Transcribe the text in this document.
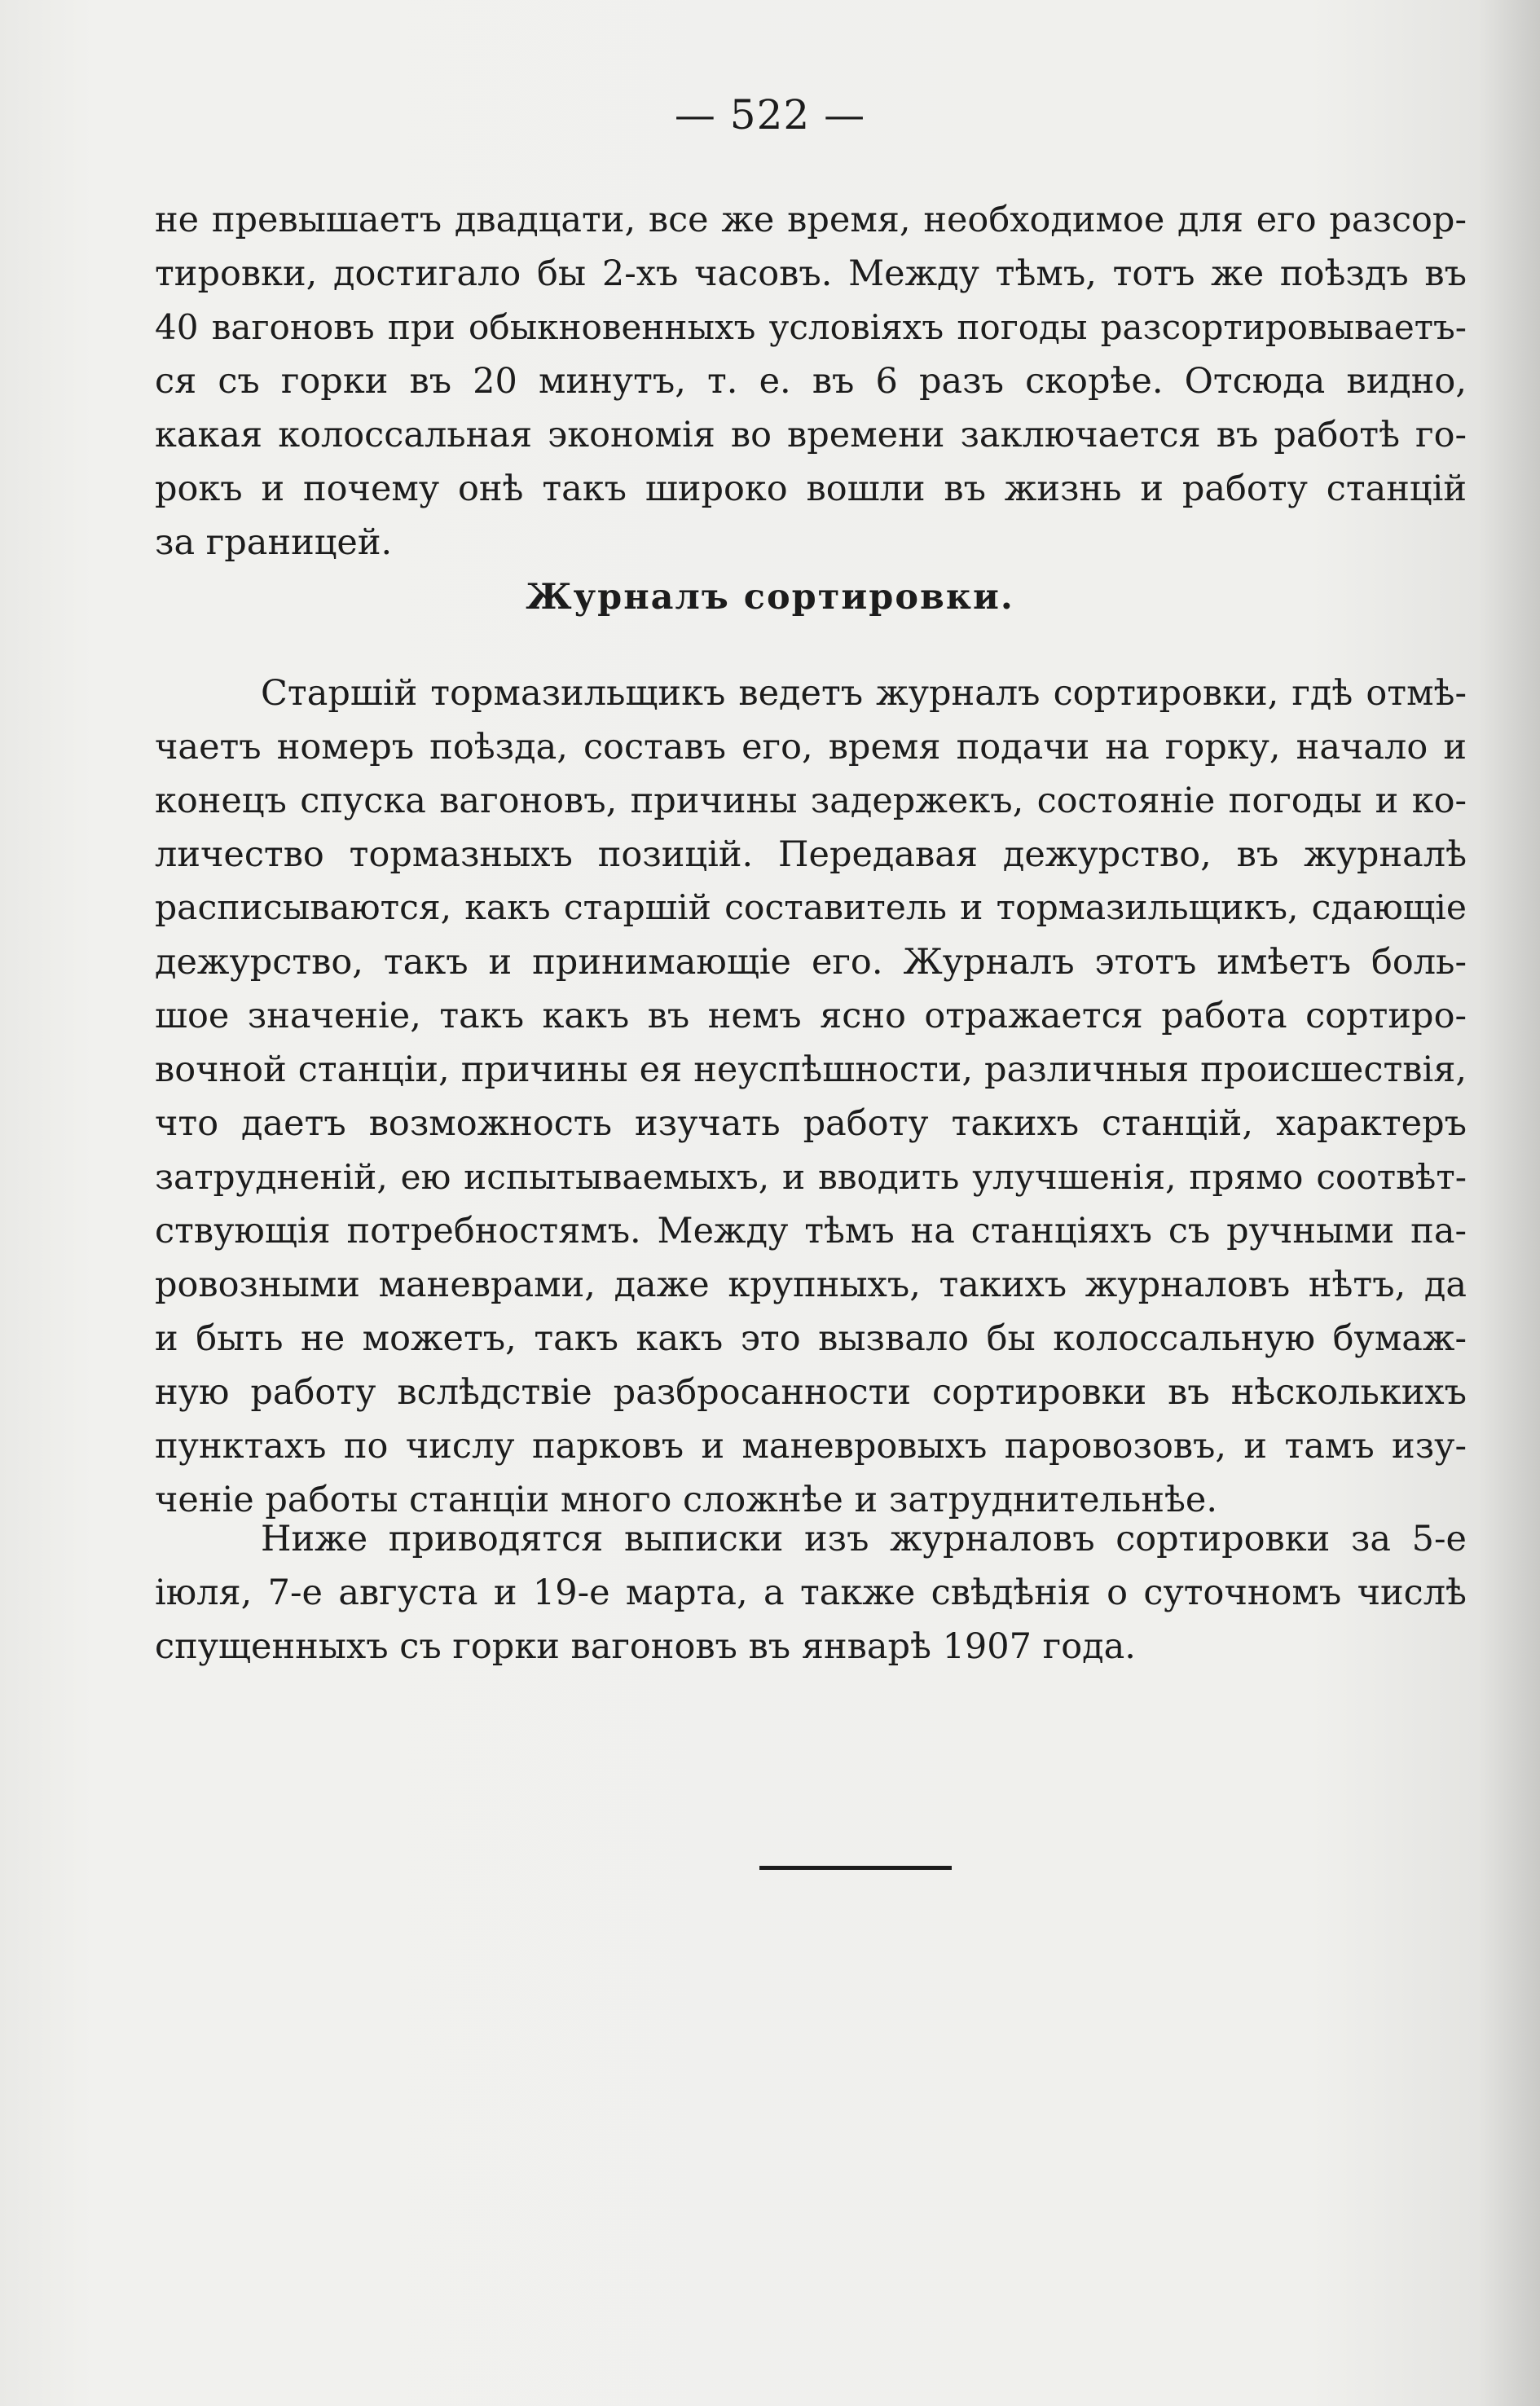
— 522 —
не превышаетъ двадцати, все же время, необходимое для его разсор-
тировки, достигало бы 2-хъ часовъ. Между тѣмъ, тотъ же поѣздъ въ
40 вагоновъ при обыкновенныхъ условіяхъ погоды разсортировываетъ-
ся съ горки въ 20 минутъ, т. е. въ 6 разъ скорѣе. Отсюда видно,
какая колоссальная экономія во времени заключается въ работѣ го-
рокъ и почему онѣ такъ широко вошли въ жизнь и работу станцій
за границей.
Журналъ сортировки.
Старшій тормазильщикъ ведетъ журналъ сортировки, гдѣ отмѣ-
чаетъ номеръ поѣзда, составъ его, время подачи на горку, начало и
конецъ спуска вагоновъ, причины задержекъ, состояніе погоды и ко-
личество тормазныхъ позицій. Передавая дежурство, въ журналѣ
расписываются, какъ старшій составитель и тормазильщикъ, сдающіе
дежурство, такъ и принимающіе его. Журналъ этотъ имѣетъ боль-
шое значеніе, такъ какъ въ немъ ясно отражается работа сортиро-
вочной станціи, причины ея неуспѣшности, различныя происшествія,
что даетъ возможность изучать работу такихъ станцій, характеръ
затрудненій, ею испытываемыхъ, и вводить улучшенія, прямо соотвѣт-
ствующія потребностямъ. Между тѣмъ на станціяхъ съ ручными па-
ровозными маневрами, даже крупныхъ, такихъ журналовъ нѣтъ, да
и быть не можетъ, такъ какъ это вызвало бы колоссальную бумаж-
ную работу вслѣдствіе разбросанности сортировки въ нѣсколькихъ
пунктахъ по числу парковъ и маневровыхъ паровозовъ, и тамъ изу-
ченіе работы станціи много сложнѣе и затруднительнѣе.
Ниже приводятся выписки изъ журналовъ сортировки за 5-е
іюля, 7-е августа и 19-е марта, а также свѣдѣнія о суточномъ числѣ
спущенныхъ съ горки вагоновъ въ январѣ 1907 года.
